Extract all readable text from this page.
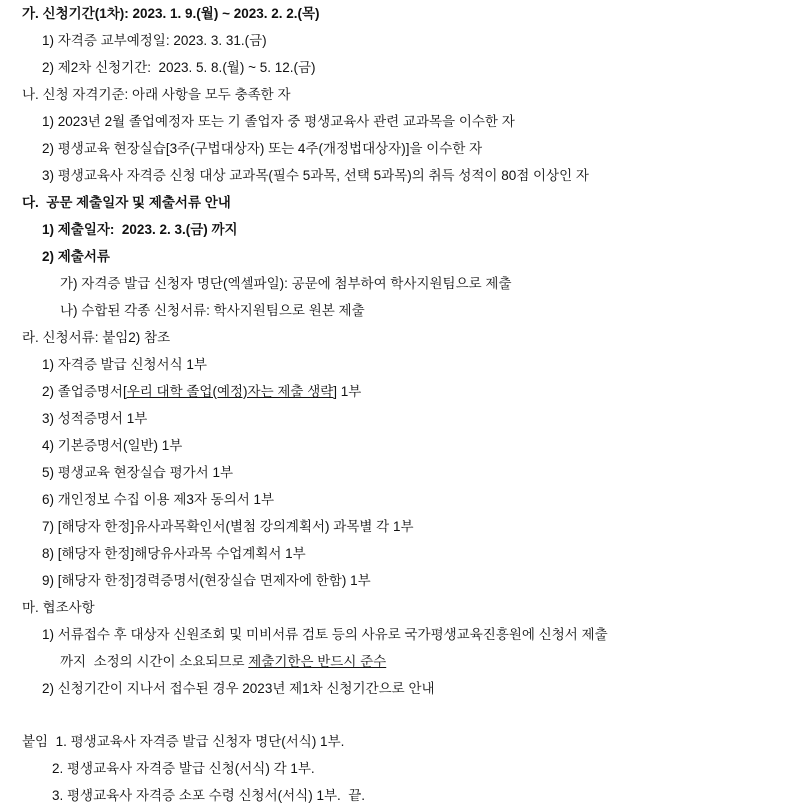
가. 신청기간(1차): 2023. 1. 9.(월) ~ 2023. 2. 2.(목)
1) 자격증 교부예정일: 2023. 3. 31.(금)
2) 제2차 신청기간:  2023. 5. 8.(월) ~ 5. 12.(금)
나. 신청 자격기준: 아래 사항을 모두 충족한 자
1) 2023년 2월 졸업예정자 또는 기 졸업자 중 평생교육사 관련 교과목을 이수한 자
2) 평생교육 현장실습[3주(구법대상자) 또는 4주(개정법대상자)]을 이수한 자
3) 평생교육사 자격증 신청 대상 교과목(필수 5과목, 선택 5과목)의 취득 성적이 80점 이상인 자
다.  공문 제출일자 및 제출서류 안내
1) 제출일자:  2023. 2. 3.(금) 까지
2) 제출서류
가) 자격증 발급 신청자 명단(엑셀파일): 공문에 첨부하여 학사지원팀으로 제출
나) 수합된 각종 신청서류: 학사지원팀으로 원본 제출
라. 신청서류: 붙임2) 참조
1) 자격증 발급 신청서식 1부
2) 졸업증명서[우리 대학 졸업(예정)자는 제출 생략] 1부
3) 성적증명서 1부
4) 기본증명서(일반) 1부
5) 평생교육 현장실습 평가서 1부
6) 개인정보 수집 이용 제3자 동의서 1부
7) [해당자 한정]유사과목확인서(별첨 강의계획서) 과목별 각 1부
8) [해당자 한정]해당유사과목 수업계획서 1부
9) [해당자 한정]경력증명서(현장실습 면제자에 한함) 1부
마. 협조사항
1) 서류접수 후 대상자 신원조회 및 미비서류 검토 등의 사유로 국가평생교육진흥원에 신청서 제출
까지  소정의 시간이 소요되므로 제출기한은 반드시 준수
2) 신청기간이 지나서 접수된 경우 2023년 제1차 신청기간으로 안내
붙임 1. 평생교육사 자격증 발급 신청자 명단(서식) 1부.
2. 평생교육사 자격증 발급 신청(서식) 각 1부.
3. 평생교육사 자격증 소포 수령 신청서(서식) 1부.  끝.
